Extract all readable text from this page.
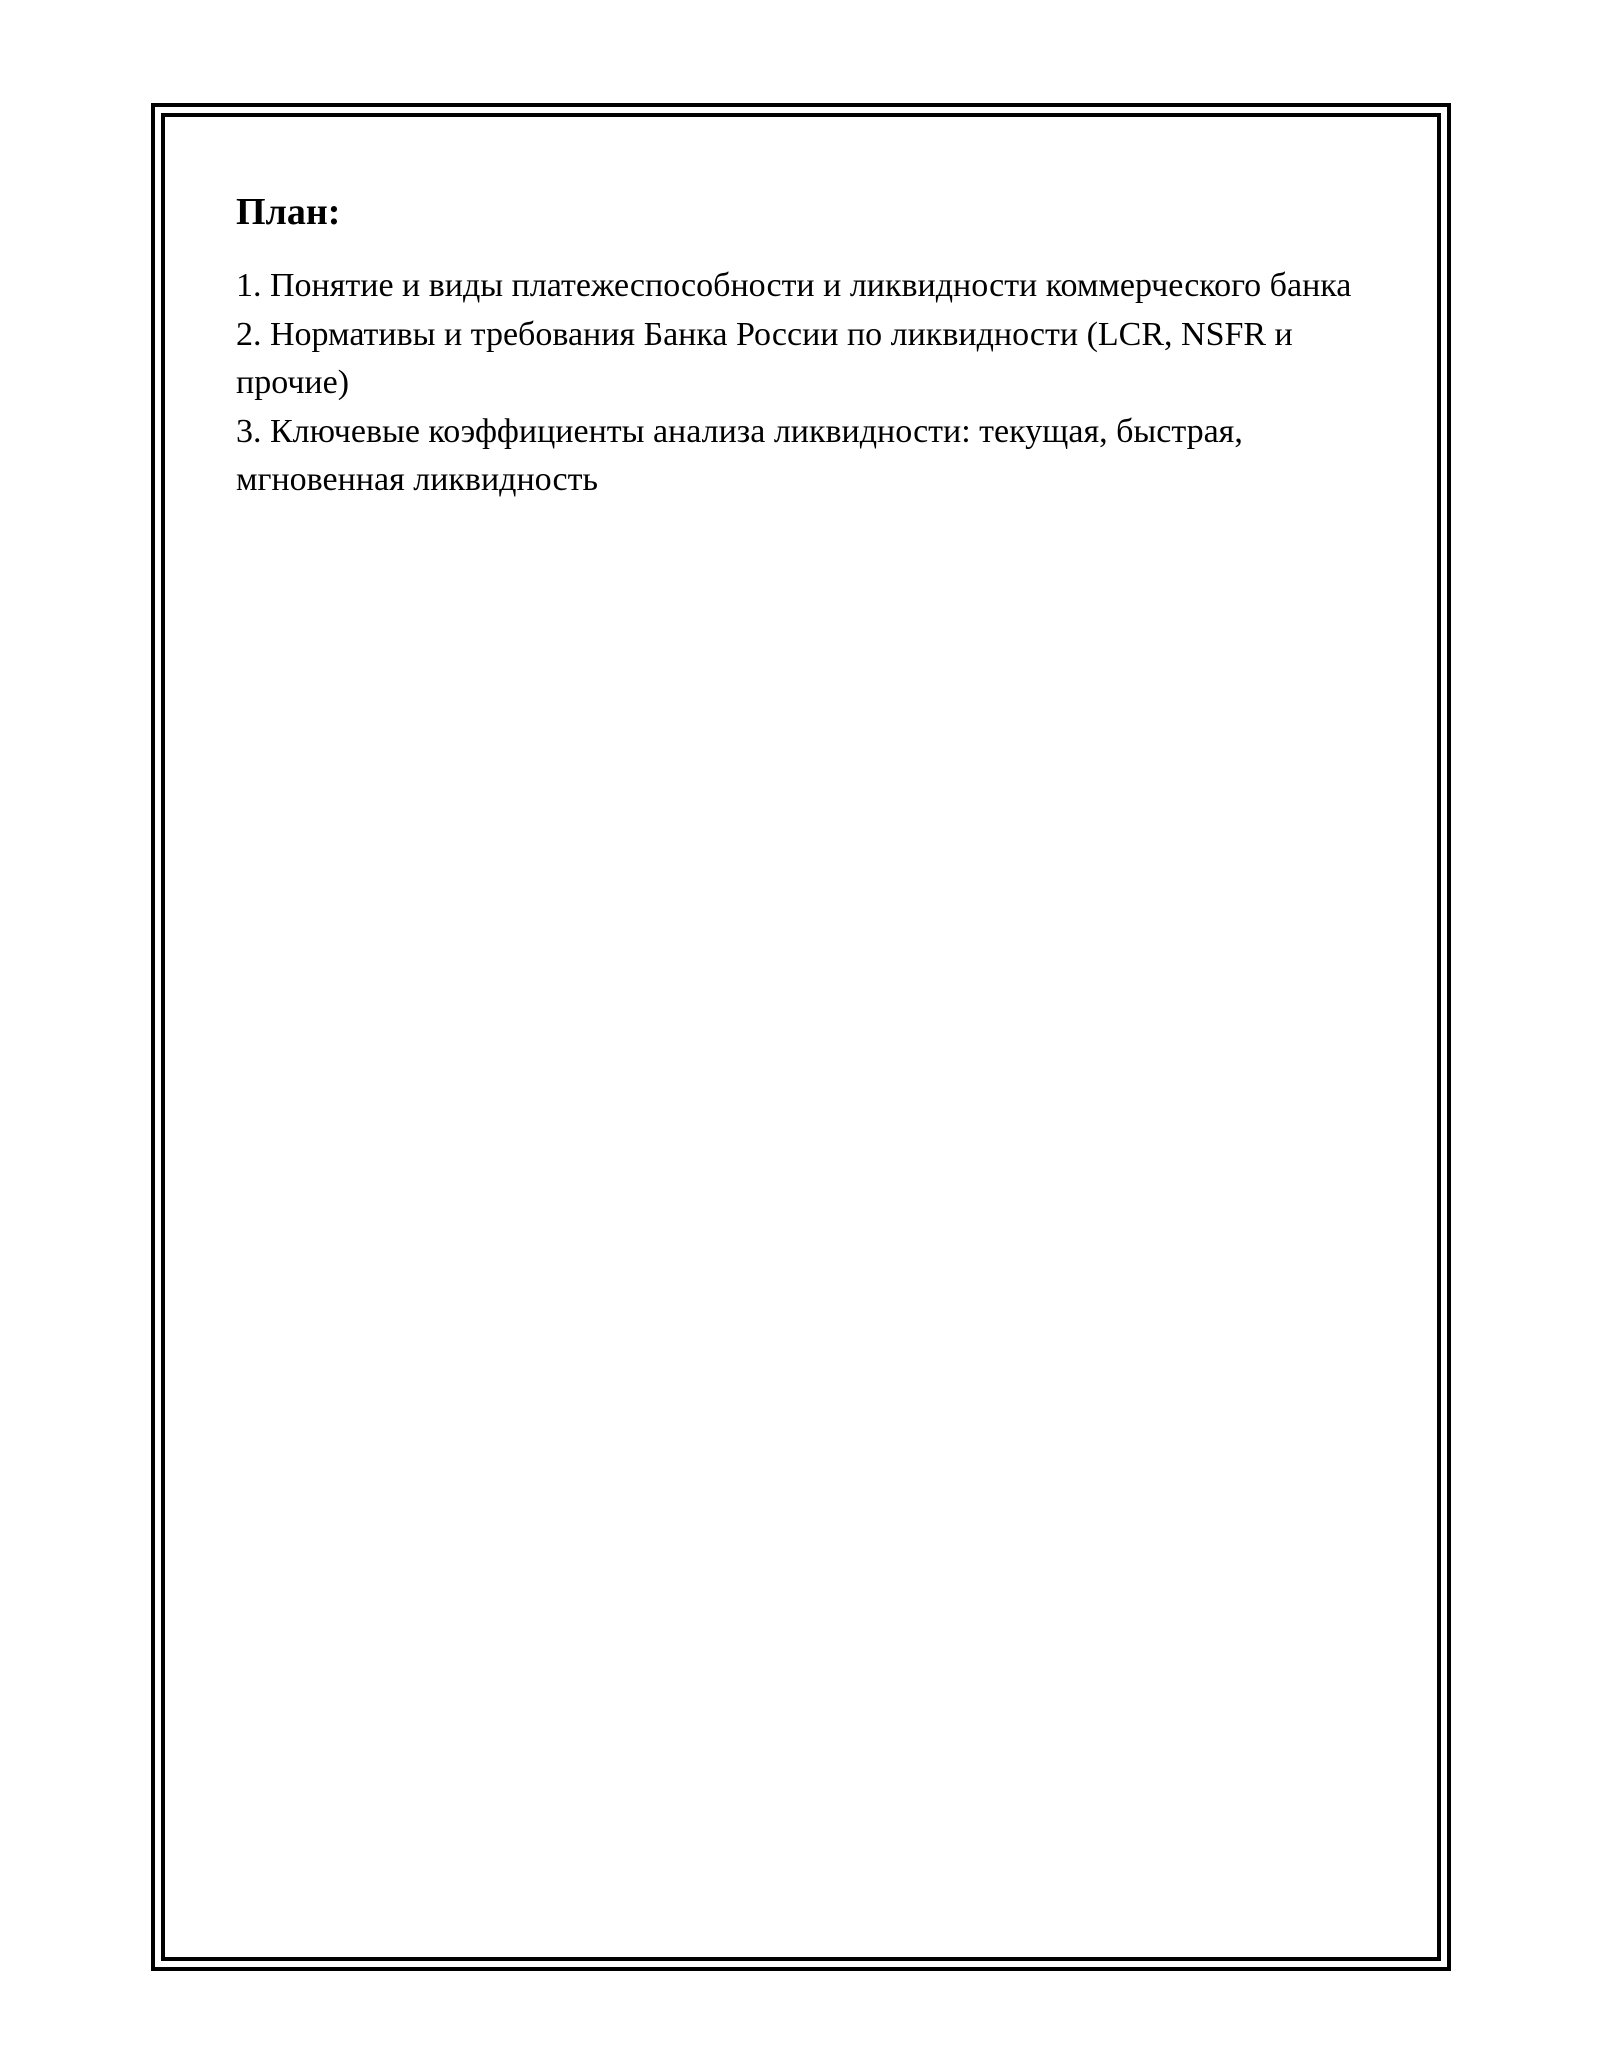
План:
1. Понятие и виды платежеспособности и ликвидности коммерческого банка
2. Нормативы и требования Банка России по ликвидности (LCR, NSFR и прочие)
3. Ключевые коэффициенты анализа ликвидности: текущая, быстрая, мгновенная ликвидность
